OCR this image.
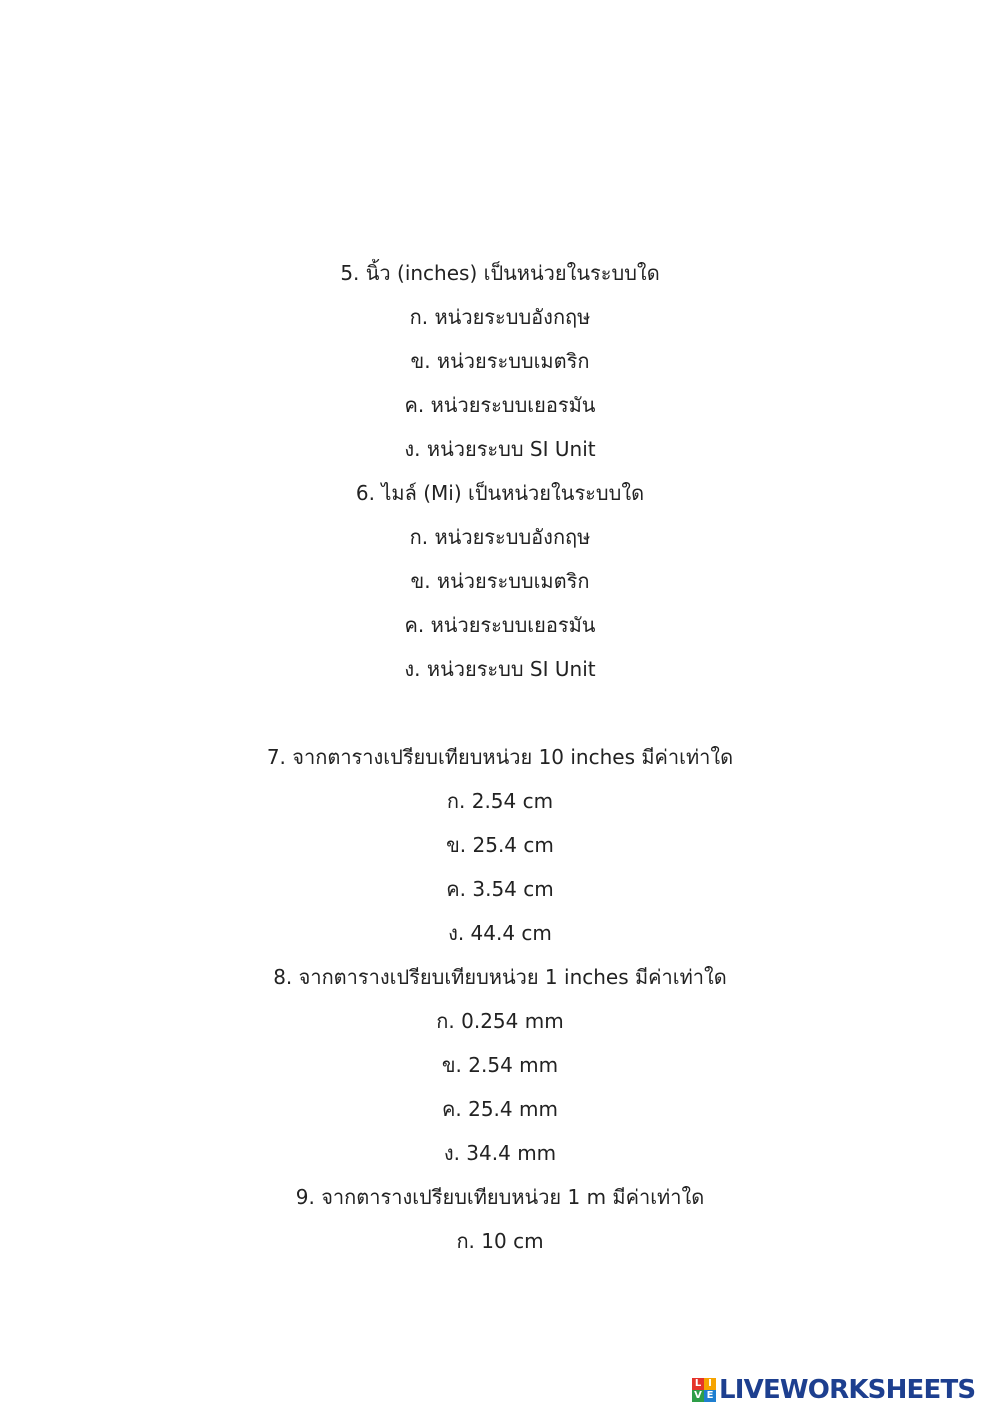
5. นิ้ว (inches) เป็นหน่วยในระบบใด
ก. หน่วยระบบอังกฤษ
ข. หน่วยระบบเมตริก
ค. หน่วยระบบเยอรมัน
ง. หน่วยระบบ SI Unit
6. ไมล์ (Mi) เป็นหน่วยในระบบใด
ก. หน่วยระบบอังกฤษ
ข. หน่วยระบบเมตริก
ค. หน่วยระบบเยอรมัน
ง. หน่วยระบบ SI Unit
7. จากตารางเปรียบเทียบหน่วย 10 inches มีค่าเท่าใด
ก. 2.54 cm
ข. 25.4 cm
ค. 3.54 cm
ง. 44.4 cm
8. จากตารางเปรียบเทียบหน่วย 1 inches มีค่าเท่าใด
ก. 0.254 mm
ข. 2.54 mm
ค. 25.4 mm
ง. 34.4 mm
9. จากตารางเปรียบเทียบหน่วย 1 m มีค่าเท่าใด
ก. 10 cm
L I
V E LIVEWORKSHEETS
